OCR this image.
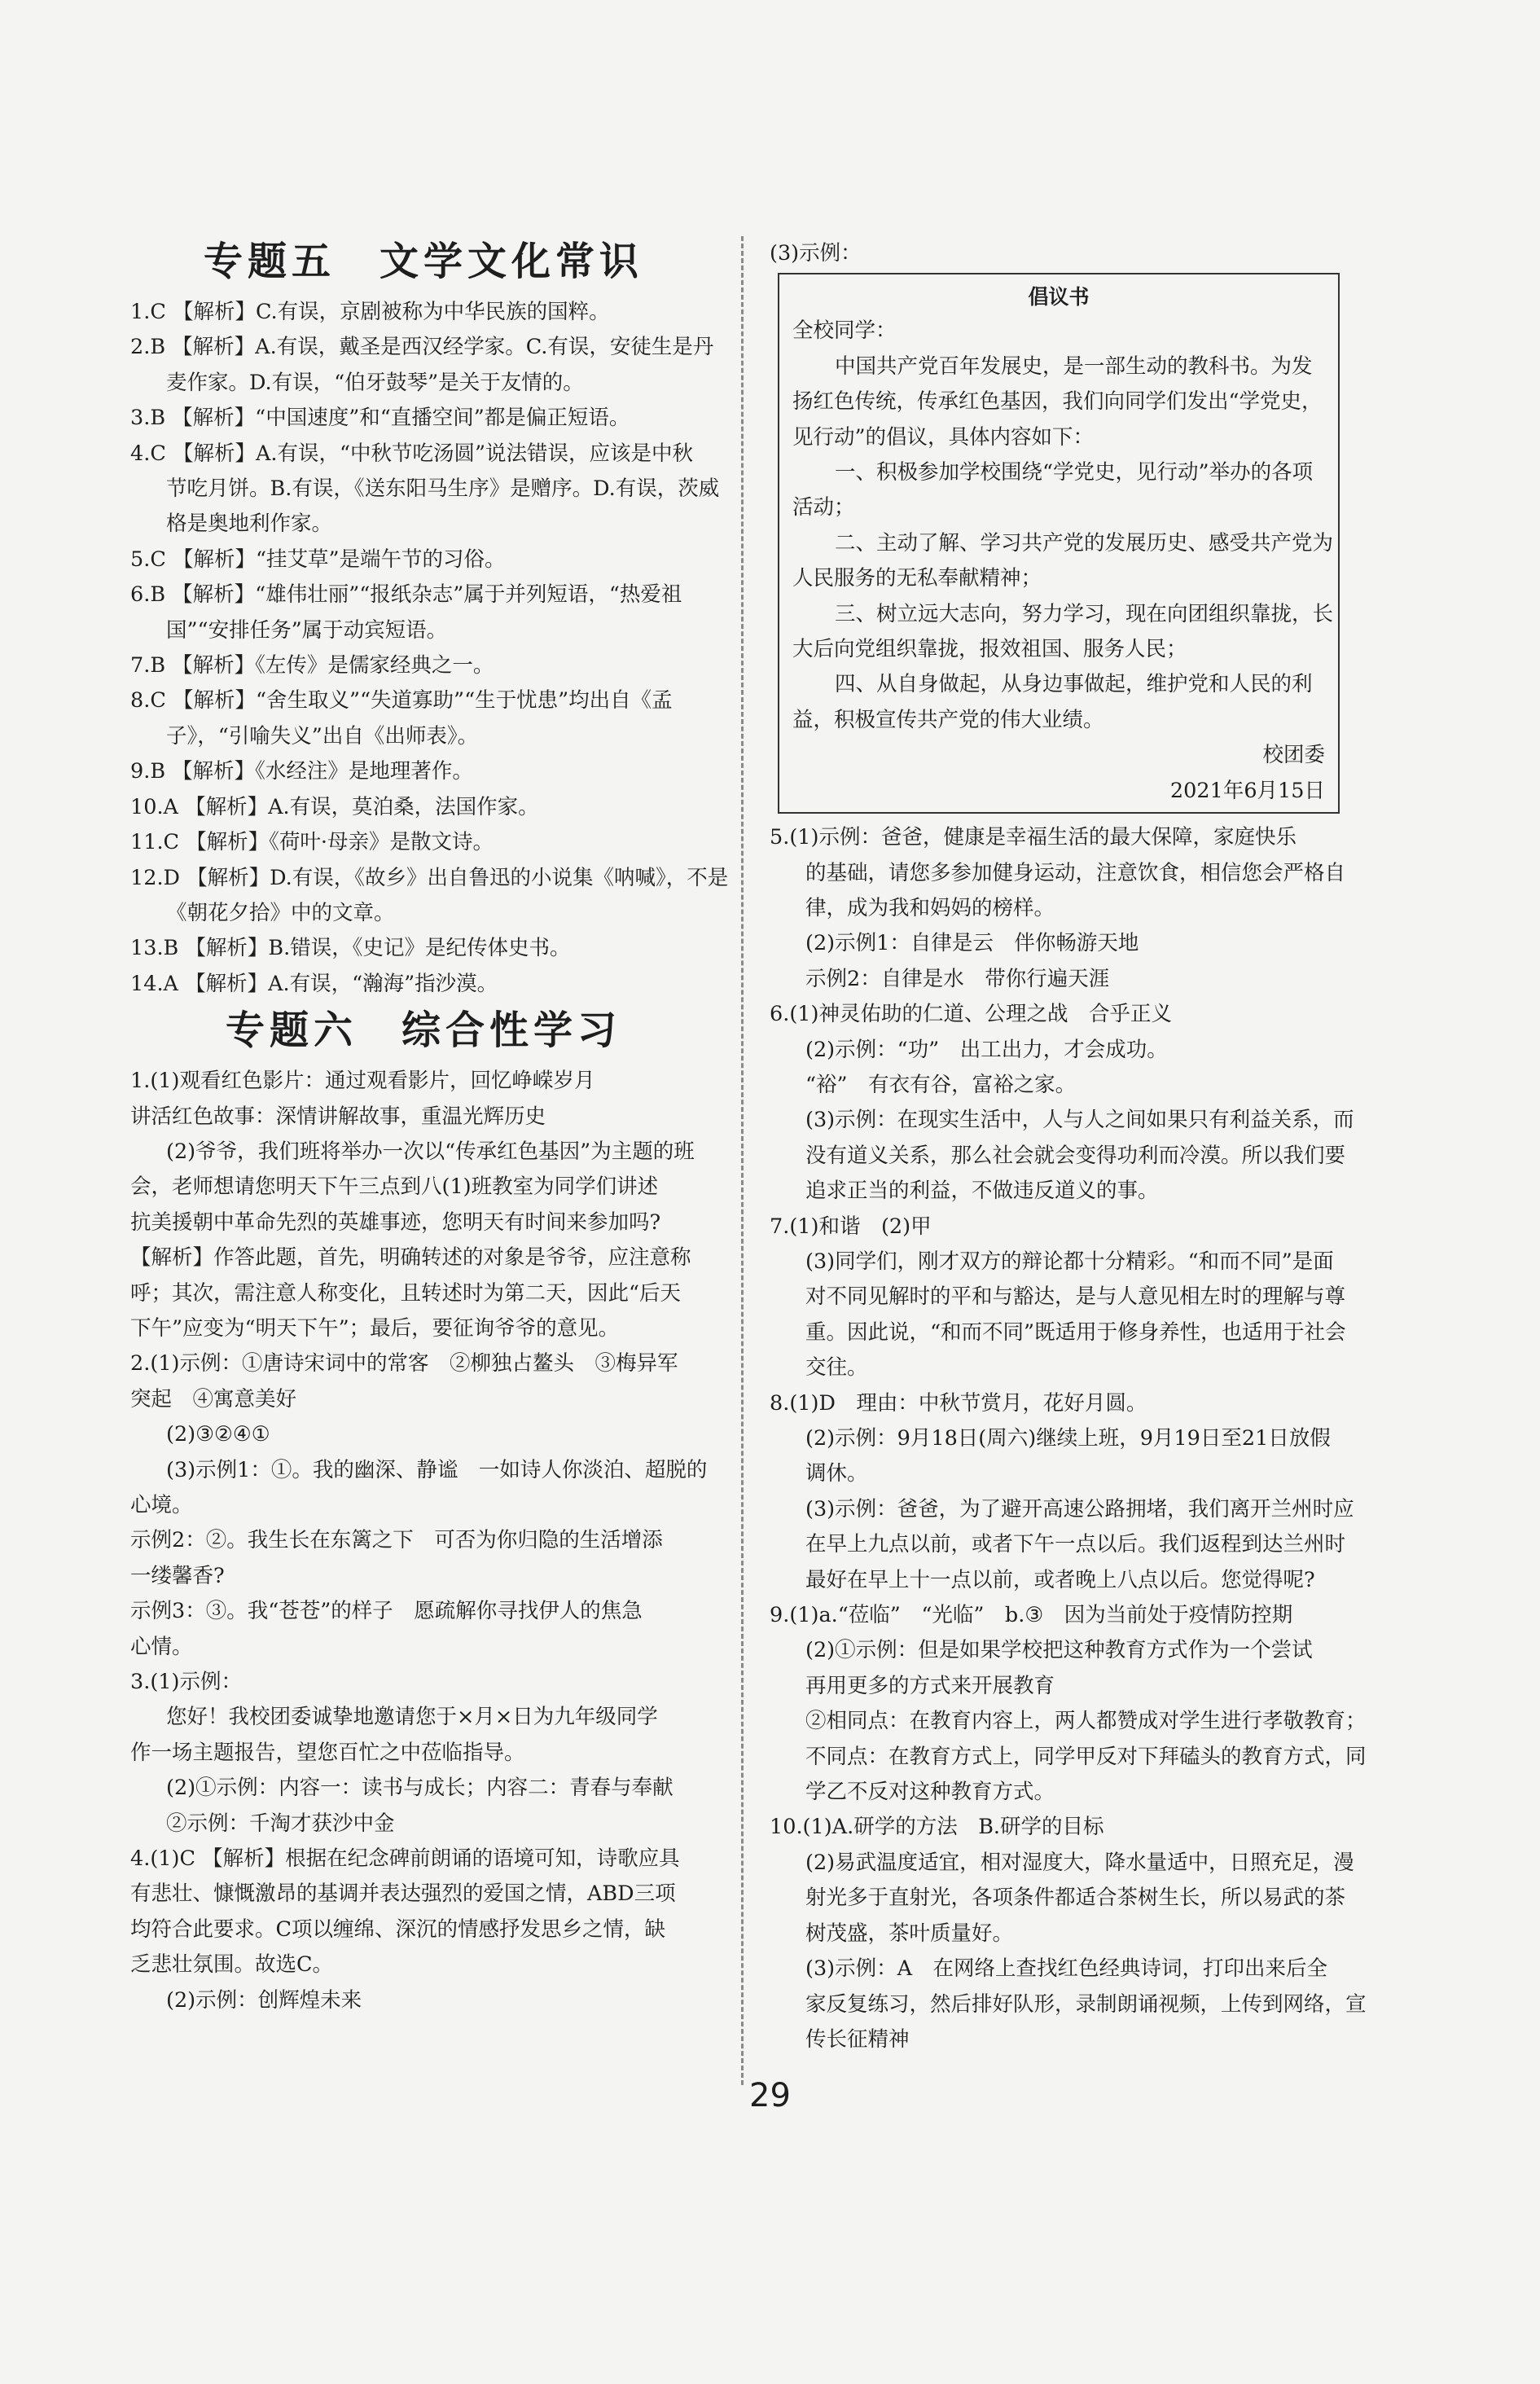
专题五　文学文化常识
1.C 【解析】C.有误，京剧被称为中华民族的国粹。
2.B 【解析】A.有误，戴圣是西汉经学家。C.有误，安徒生是丹
麦作家。D.有误，“伯牙鼓琴”是关于友情的。
3.B 【解析】“中国速度”和“直播空间”都是偏正短语。
4.C 【解析】A.有误，“中秋节吃汤圆”说法错误，应该是中秋
节吃月饼。B.有误，《送东阳马生序》是赠序。D.有误，茨威
格是奥地利作家。
5.C 【解析】“挂艾草”是端午节的习俗。
6.B 【解析】“雄伟壮丽”“报纸杂志”属于并列短语，“热爱祖
国”“安排任务”属于动宾短语。
7.B 【解析】《左传》是儒家经典之一。
8.C 【解析】“舍生取义”“失道寡助”“生于忧患”均出自《孟
子》，“引喻失义”出自《出师表》。
9.B 【解析】《水经注》是地理著作。
10.A 【解析】A.有误，莫泊桑，法国作家。
11.C 【解析】《荷叶·母亲》是散文诗。
12.D 【解析】D.有误，《故乡》出自鲁迅的小说集《呐喊》，不是
《朝花夕拾》中的文章。
13.B 【解析】B.错误，《史记》是纪传体史书。
14.A 【解析】A.有误，“瀚海”指沙漠。
专题六　综合性学习
1.(1)观看红色影片：通过观看影片，回忆峥嵘岁月
讲活红色故事：深情讲解故事，重温光辉历史
(2)爷爷，我们班将举办一次以“传承红色基因”为主题的班
会，老师想请您明天下午三点到八(1)班教室为同学们讲述
抗美援朝中革命先烈的英雄事迹，您明天有时间来参加吗?
【解析】作答此题，首先，明确转述的对象是爷爷，应注意称
呼；其次，需注意人称变化，且转述时为第二天，因此“后天
下午”应变为“明天下午”；最后，要征询爷爷的意见。
2.(1)示例：①唐诗宋词中的常客　②柳独占鳌头　③梅异军
突起　④寓意美好
(2)③②④①
(3)示例1：①。我的幽深、静谧　一如诗人你淡泊、超脱的
心境。
示例2：②。我生长在东篱之下　可否为你归隐的生活增添
一缕馨香?
示例3：③。我“苍苍”的样子　愿疏解你寻找伊人的焦急
心情。
3.(1)示例：
您好！我校团委诚挚地邀请您于×月×日为九年级同学
作一场主题报告，望您百忙之中莅临指导。
(2)①示例：内容一：读书与成长；内容二：青春与奉献
②示例：千淘才获沙中金
4.(1)C 【解析】根据在纪念碑前朗诵的语境可知，诗歌应具
有悲壮、慷慨激昂的基调并表达强烈的爱国之情，ABD三项
均符合此要求。C项以缠绵、深沉的情感抒发思乡之情，缺
乏悲壮氛围。故选C。
(2)示例：创辉煌未来
(3)示例：
倡议书
全校同学：
中国共产党百年发展史，是一部生动的教科书。为发
扬红色传统，传承红色基因，我们向同学们发出“学党史，
见行动”的倡议，具体内容如下：
一、积极参加学校围绕“学党史，见行动”举办的各项
活动；
二、主动了解、学习共产党的发展历史、感受共产党为
人民服务的无私奉献精神；
三、树立远大志向，努力学习，现在向团组织靠拢，长
大后向党组织靠拢，报效祖国、服务人民；
四、从自身做起，从身边事做起，维护党和人民的利
益，积极宣传共产党的伟大业绩。
校团委
2021年6月15日
5.(1)示例：爸爸，健康是幸福生活的最大保障，家庭快乐
的基础，请您多参加健身运动，注意饮食，相信您会严格自
律，成为我和妈妈的榜样。
(2)示例1：自律是云　伴你畅游天地
示例2：自律是水　带你行遍天涯
6.(1)神灵佑助的仁道、公理之战　合乎正义
(2)示例：“功”　出工出力，才会成功。
“裕”　有衣有谷，富裕之家。
(3)示例：在现实生活中，人与人之间如果只有利益关系，而
没有道义关系，那么社会就会变得功利而冷漠。所以我们要
追求正当的利益，不做违反道义的事。
7.(1)和谐　(2)甲
(3)同学们，刚才双方的辩论都十分精彩。“和而不同”是面
对不同见解时的平和与豁达，是与人意见相左时的理解与尊
重。因此说，“和而不同”既适用于修身养性，也适用于社会
交往。
8.(1)D　理由：中秋节赏月，花好月圆。
(2)示例：9月18日(周六)继续上班，9月19日至21日放假
调休。
(3)示例：爸爸，为了避开高速公路拥堵，我们离开兰州时应
在早上九点以前，或者下午一点以后。我们返程到达兰州时
最好在早上十一点以前，或者晚上八点以后。您觉得呢?
9.(1)a.“莅临”　“光临”　b.③　因为当前处于疫情防控期
(2)①示例：但是如果学校把这种教育方式作为一个尝试
再用更多的方式来开展教育
②相同点：在教育内容上，两人都赞成对学生进行孝敬教育；
不同点：在教育方式上，同学甲反对下拜磕头的教育方式，同
学乙不反对这种教育方式。
10.(1)A.研学的方法　B.研学的目标
(2)易武温度适宜，相对湿度大，降水量适中，日照充足，漫
射光多于直射光，各项条件都适合茶树生长，所以易武的茶
树茂盛，茶叶质量好。
(3)示例：A　在网络上查找红色经典诗词，打印出来后全
家反复练习，然后排好队形，录制朗诵视频，上传到网络，宣
传长征精神
29
